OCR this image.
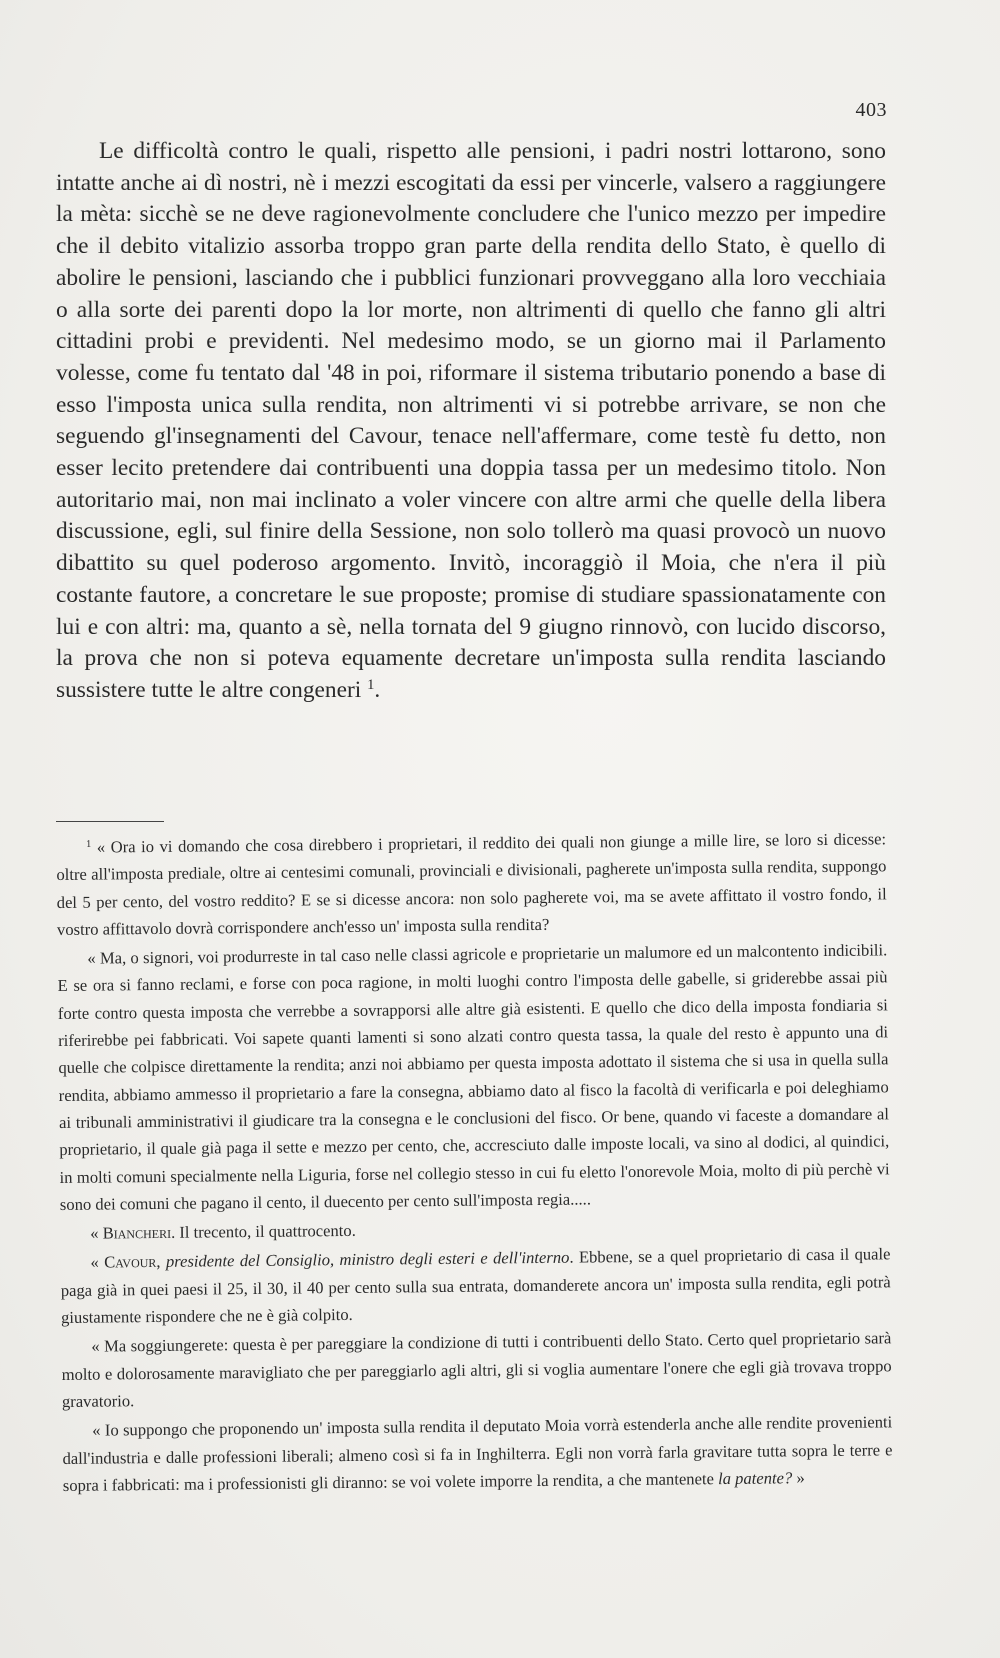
403

Le difficoltà contro le quali, rispetto alle pensioni, i padri nostri lottarono, sono intatte anche ai dì nostri, nè i mezzi escogitati da essi per vincerle, valsero a raggiungere la mèta: sicchè se ne deve ragionevolmente concludere che l'unico mezzo per impedire che il debito vitalizio assorba troppo gran parte della rendita dello Stato, è quello di abolire le pensioni, lasciando che i pubblici funzionari provveggano alla loro vecchiaia o alla sorte dei parenti dopo la lor morte, non altrimenti di quello che fanno gli altri cittadini probi e previdenti. Nel medesimo modo, se un giorno mai il Parlamento volesse, come fu tentato dal '48 in poi, riformare il sistema tributario ponendo a base di esso l'imposta unica sulla rendita, non altrimenti vi si potrebbe arrivare, se non che seguendo gl'insegnamenti del Cavour, tenace nell'affermare, come testè fu detto, non esser lecito pretendere dai contribuenti una doppia tassa per un medesimo titolo. Non autoritario mai, non mai inclinato a voler vincere con altre armi che quelle della libera discussione, egli, sul finire della Sessione, non solo tollerò ma quasi provocò un nuovo dibattito su quel poderoso argomento. Invitò, incoraggiò il Moia, che n'era il più costante fautore, a concretare le sue proposte; promise di studiare spassionatamente con lui e con altri: ma, quanto a sè, nella tornata del 9 giugno rinnovò, con lucido discorso, la prova che non si poteva equamente decretare un'imposta sulla rendita lasciando sussistere tutte le altre congeneri $^1$.

$^1$ « Ora io vi domando che cosa direbbero i proprietari, il reddito dei quali non giunge a mille lire, se loro si dicesse: oltre all'imposta prediale, oltre ai centesimi comunali, provinciali e divisionali, pagherete un'imposta sulla rendita, suppongo del 5 per cento, del vostro reddito? E se si dicesse ancora: non solo pagherete voi, ma se avete affittato il vostro fondo, il vostro affittavolo dovrà corrispondere anch'esso un' imposta sulla rendita?

« Ma, o signori, voi produrreste in tal caso nelle classi agricole e proprietarie un malumore ed un malcontento indicibili. E se ora si fanno reclami, e forse con poca ragione, in molti luoghi contro l'imposta delle gabelle, si griderebbe assai più forte contro questa imposta che verrebbe a sovrapporsi alle altre già esistenti. E quello che dico della imposta fondiaria si riferirebbe pei fabbricati. Voi sapete quanti lamenti si sono alzati contro questa tassa, la quale del resto è appunto una di quelle che colpisce direttamente la rendita; anzi noi abbiamo per questa imposta adottato il sistema che si usa in quella sulla rendita, abbiamo ammesso il proprietario a fare la consegna, abbiamo dato al fisco la facoltà di verificarla e poi deleghiamo ai tribunali amministrativi il giudicare tra la consegna e le conclusioni del fisco. Or bene, quando vi faceste a domandare al proprietario, il quale già paga il sette e mezzo per cento, che, accresciuto dalle imposte locali, va sino al dodici, al quindici, in molti comuni specialmente nella Liguria, forse nel collegio stesso in cui fu eletto l'onorevole Moia, molto di più perchè vi sono dei comuni che pagano il cento, il duecento per cento sull'imposta regia.....

« Biancheri. Il trecento, il quattrocento.

« Cavour, presidente del Consiglio, ministro degli esteri e dell'interno. Ebbene, se a quel proprietario di casa il quale paga già in quei paesi il 25, il 30, il 40 per cento sulla sua entrata, domanderete ancora un' imposta sulla rendita, egli potrà giustamente rispondere che ne è già colpito.

« Ma soggiungerete: questa è per pareggiare la condizione di tutti i contribuenti dello Stato. Certo quel proprietario sarà molto e dolorosamente maravigliato che per pareggiarlo agli altri, gli si voglia aumentare l'onere che egli già trovava troppo gravatorio.

« Io suppongo che proponendo un' imposta sulla rendita il deputato Moia vorrà estenderla anche alle rendite provenienti dall'industria e dalle professioni liberali; almeno così si fa in Inghilterra. Egli non vorrà farla gravitare tutta sopra le terre e sopra i fabbricati: ma i professionisti gli diranno: se voi volete imporre la rendita, a che mantenete la patente? »
